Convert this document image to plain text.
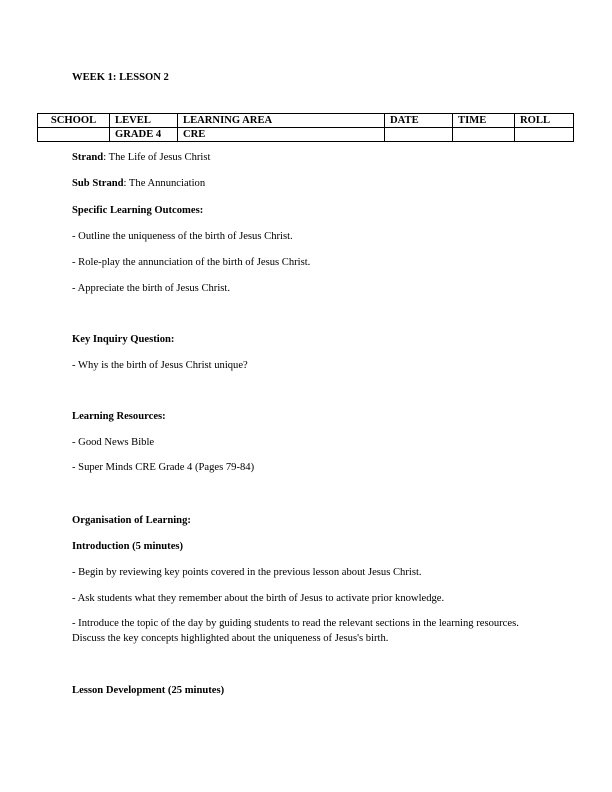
WEEK 1: LESSON 2
SCHOOL	LEVEL	LEARNING AREA	DATE	TIME	ROLL
	GRADE 4	CRE			
Strand: The Life of Jesus Christ
Sub Strand: The Annunciation
Specific Learning Outcomes:
- Outline the uniqueness of the birth of Jesus Christ.
- Role-play the annunciation of the birth of Jesus Christ.
- Appreciate the birth of Jesus Christ.
Key Inquiry Question:
- Why is the birth of Jesus Christ unique?
Learning Resources:
- Good News Bible
- Super Minds CRE Grade 4 (Pages 79-84)
Organisation of Learning:
Introduction (5 minutes)
- Begin by reviewing key points covered in the previous lesson about Jesus Christ.
- Ask students what they remember about the birth of Jesus to activate prior knowledge.
- Introduce the topic of the day by guiding students to read the relevant sections in the learning resources. Discuss the key concepts highlighted about the uniqueness of Jesus's birth.
Lesson Development (25 minutes)
